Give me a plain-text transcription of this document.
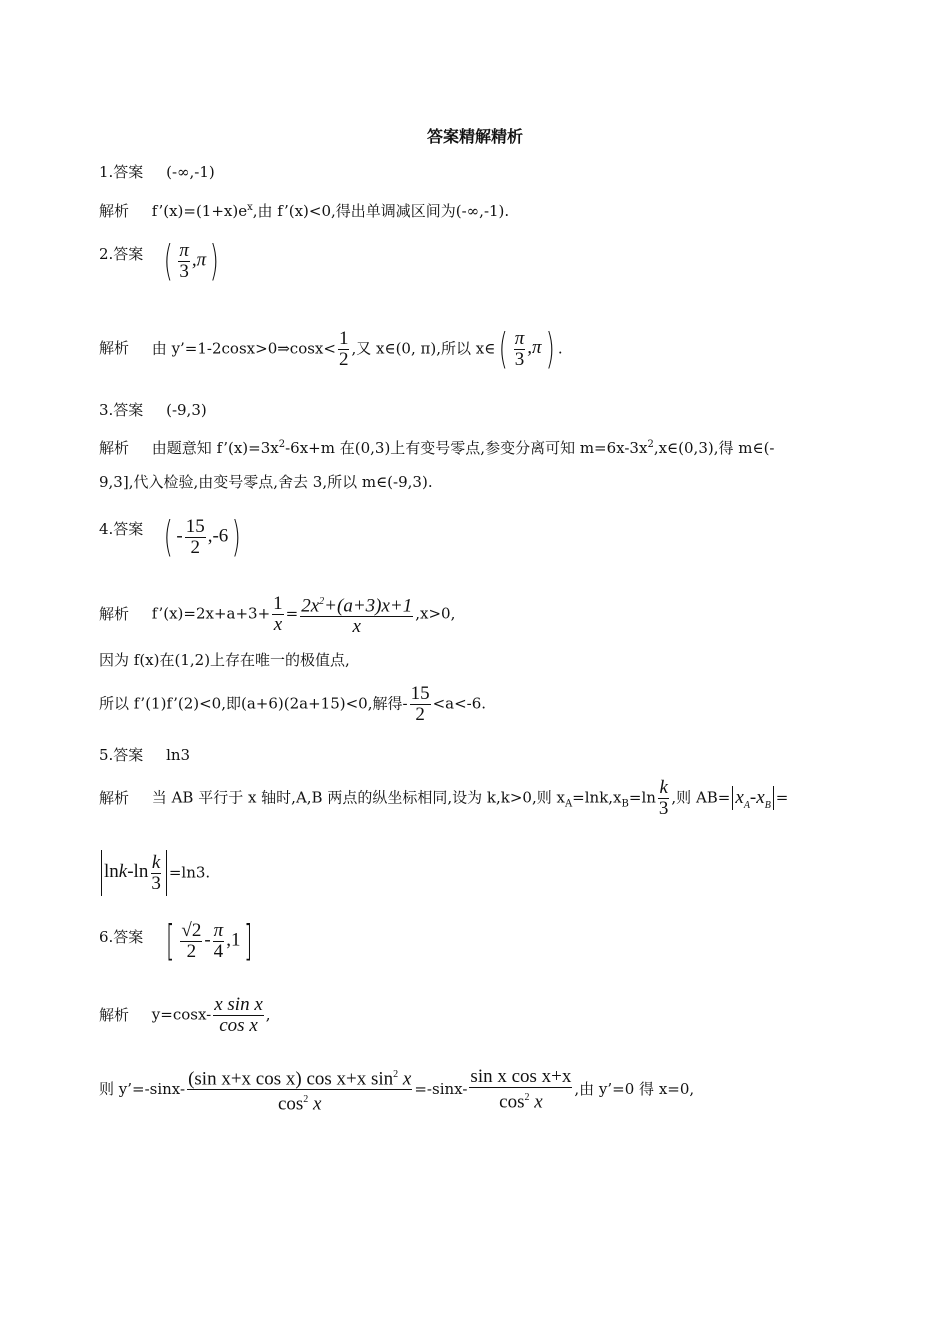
答案精解精析
1.答案 (-∞,-1)
解析 $f’(x)=(1+x)e^x$,由 f’(x)<0,得出单调减区间为(-∞,-1).
2.答案 ( $\frac{\pi}{3} ,\pi$)
解析 由 y’=1-2cosx>0⇒cosx< $\frac{1}{2}$ ,又 x∈(0, π),所以 x∈( $\frac{\pi}{3} ,\pi$) .
3.答案 (-9,3)
解析 由题意知 $f’(x)=3x^2-6x+m$ 在(0,3)上有变号零点,参变分离可知 $m=6x-3x^2,x\in(0,3)$,得 m∈(-
9,3],代入检验,由变号零点,舍去 3,所以 m∈(-9,3).
4.答案 ( - $\frac{15}{2} ,-6$)
解析 f’(x)=2x+a+3+ $\frac{1}{x} = \frac{2x^2+(a+3)x+1}{x} ,x>0$,
因为 f(x)在(1,2)上存在唯一的极值点,
所以 f’(1)f’(2)<0,即(a+6)(2a+15)<0,解得- $\frac{15}{2} <a<-6$.
5.答案 ln3
解析 当 AB 平行于 x 轴时,A,B 两点的纵坐标相同,设为 k,k>0,则 $x_A=\ln k,x_B=\ln \frac{k}{3}$ ,则 $AB= x_A-x_B$ =
$\ln k-\ln \frac{k}{3} =\ln 3$.
6.答案 [ $\frac{√2}{2} - \frac{\pi}{4} ,1$]
解析 $y=\cos x- \frac{\text{x sin x}}{\text{cos x}}$ ,
则 y’=-sinx- $\frac{(\sin x+x \cos x) \cos x+x \sin^2 x}{\cos^2 x} =-\sin x- \frac{\text{sin x cos x+x}}{\cos^2 x}$ ,由 y’=0 得 x=0,
